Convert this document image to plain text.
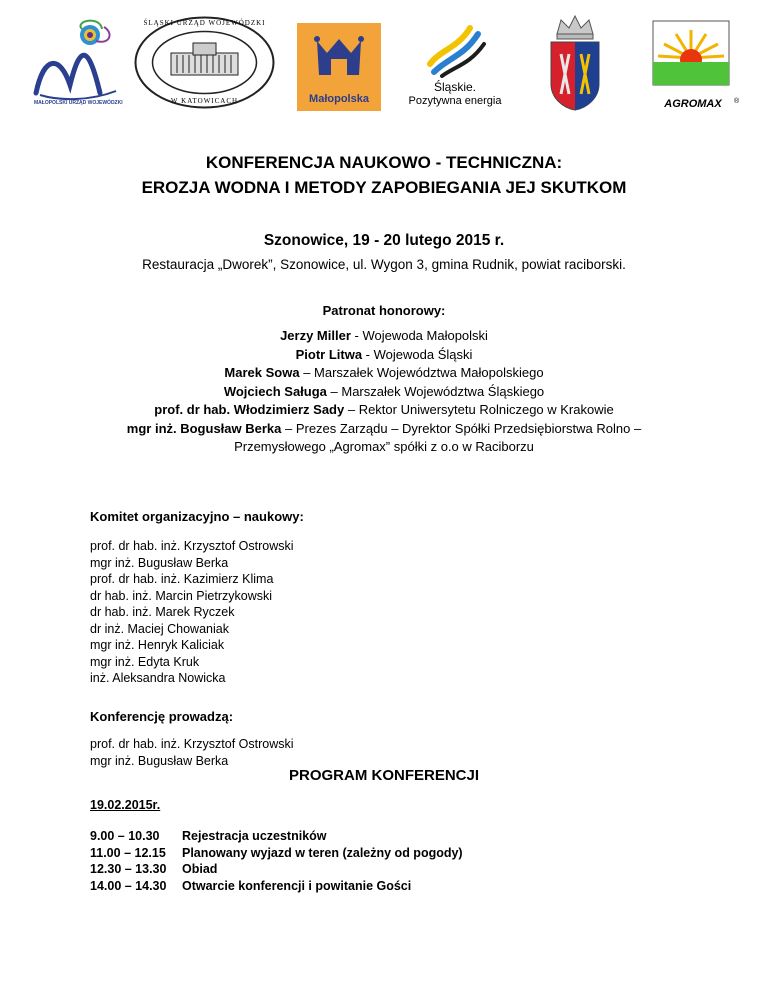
MAŁOPOLSKI URZĄD WOJEWÓDZKI
ŚLĄSKI URZĄD WOJEWÓDZKI
W KATOWICACH	Małopolska
Śląskie.
Pozytywna energia	AGROMAX	®
KONFERENCJA NAUKOWO - TECHNICZNA:
EROZJA WODNA I METODY ZAPOBIEGANIA JEJ SKUTKOM
Szonowice, 19 - 20 lutego 2015 r.
Restauracja „Dworek”, Szonowice, ul. Wygon 3, gmina Rudnik, powiat raciborski.
Patronat honorowy:
Jerzy Miller - Wojewoda Małopolski
Piotr Litwa - Wojewoda Śląski
Marek Sowa – Marszałek Województwa Małopolskiego
Wojciech Saługa – Marszałek Województwa Śląskiego
prof. dr hab. Włodzimierz Sady – Rektor Uniwersytetu Rolniczego w Krakowie
mgr inż. Bogusław Berka – Prezes Zarządu – Dyrektor Spółki Przedsiębiorstwa Rolno –
Przemysłowego „Agromax” spółki z o.o w Raciborzu
Komitet organizacyjno – naukowy:
prof. dr hab. inż. Krzysztof Ostrowski
mgr inż. Bugusław Berka
prof. dr hab. inż. Kazimierz Klima
dr hab. inż. Marcin Pietrzykowski
dr hab. inż. Marek Ryczek
dr inż. Maciej Chowaniak
mgr inż. Henryk Kaliciak
mgr inż. Edyta Kruk
inż. Aleksandra Nowicka
Konferencję prowadzą:
prof. dr hab. inż. Krzysztof Ostrowski
mgr inż. Bugusław Berka
PROGRAM KONFERENCJI
19.02.2015r.
9.00 – 10.30	Rejestracja uczestników
11.00 – 12.15	Planowany wyjazd w teren (zależny od pogody)
12.30 – 13.30	Obiad
14.00 – 14.30	Otwarcie konferencji i powitanie Gości
